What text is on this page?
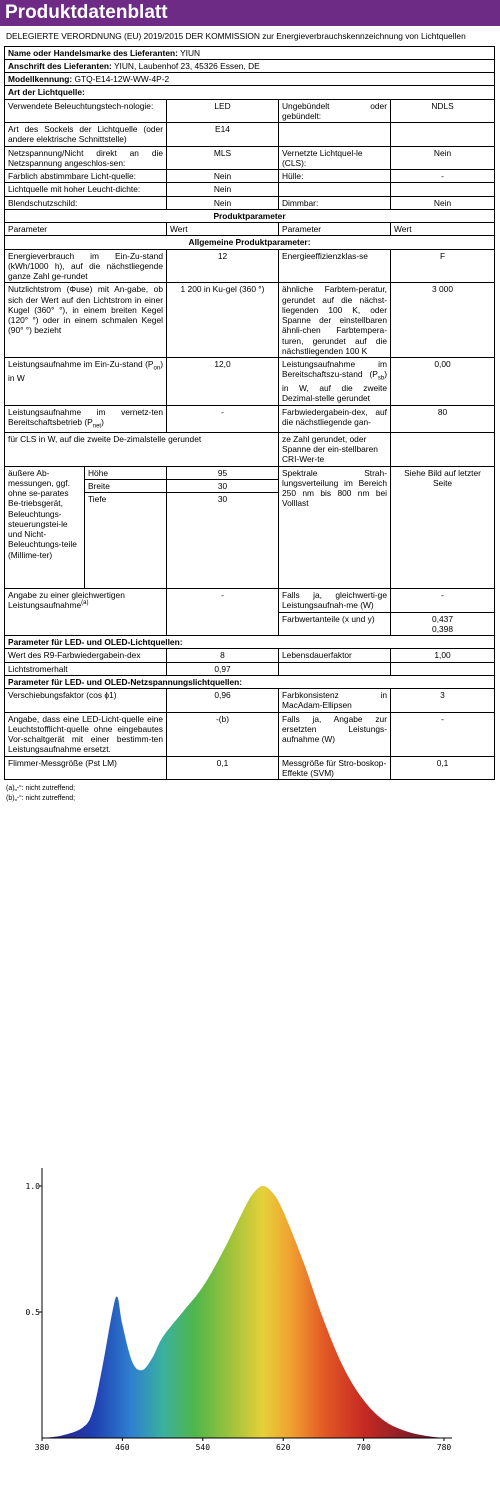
Produktdatenblatt
DELEGIERTE VERORDNUNG (EU) 2019/2015 DER KOMMISSION zur Energieverbrauchskennzeichnung von Lichtquellen
Name oder Handelsmarke des Lieferanten: YIUN				
Anschrift des Lieferanten: YIUN, Laubenhof 23, 45326 Essen, DE				
Modellkennung: GTQ-E14-12W-WW-4P-2				
Art der Lichtquelle:				
Verwendete Beleuchtungstech-nologie:		LED	Ungebündelt oder gebündelt:	NDLS
Art des Sockels der Lichtquelle (oder andere elektrische Schnittstelle)		E14		
Netzspannung/Nicht direkt an die Netzspannung angeschlos-sen:		MLS	Vernetzte Lichtquel-le (CLS):	Nein
Farblich abstimmbare Licht-quelle:		Nein	Hülle:	-
Lichtquelle mit hoher Leucht-dichte:		Nein		
Blendschutzschild:		Nein	Dimmbar:	Nein
Produktparameter				
Parameter		Wert	Parameter	Wert
Allgemeine Produktparameter:				
Energieverbrauch im Ein-Zu-stand (kWh/1000 h), auf die nächstliegende ganze Zahl ge-rundet		12	Energieeffizienzklas-se	F
Nutzlichtstrom (Φuse) mit An-gabe, ob sich der Wert auf den Lichtstrom in einer Kugel (360° °), in einem breiten Kegel (120° °) oder in einem schmalen Kegel (90° °) bezieht		1 200 in Ku-gel (360 °)	ähnliche Farbtem-peratur, gerundet auf die nächst-liegenden 100 K, oder Spanne der einstellbaren ähnli-chen Farbtempera-turen, gerundet auf die nächstliegenden 100 K	3 000
Leistungsaufnahme im Ein-Zu-stand $(P_{on})$ in W		12,0	Leistungsaufnahme im Bereitschaftszu-stand $(P_{sb})$ in W, auf die zweite Dezimal-stelle gerundet	0,00
Leistungsaufnahme im vernetz-ten Bereitschaftsbetrieb $(P_{net})$		-	Farbwiedergabein-dex, auf die nächstliegende gan-	80
für CLS in W, auf die zweite De-zimalstelle gerundet			ze Zahl gerundet, oder Spanne der ein-stellbaren CRI-Wer-te	
äußere Ab-messungen, ggf. ohne se-parates Be-triebsgerät, Beleuchtungs-steuerungstei-le und Nicht-Beleuchtungs-teile (Millime-ter)	Höhe	95	Spektrale Strah-lungsverteilung im Bereich 250 nm bis 800 nm bei Volllast	Siehe Bild auf letzter Seite
	Breite	30		
	Tiefe	30		
Angabe zu einer gleichwertigen Leistungsaufnahme$^{(a)}$		-	Falls ja, gleichwerti-ge Leistungsaufnah-me (W)	-
			Farbwertanteile (x und y)	0,437
0,398

Parameter für LED- und OLED-Lichtquellen:				
Wert des R9-Farbwiedergabein-dex		8	Lebensdauerfaktor	1,00
Lichtstromerhalt		0,97		
Parameter für LED- und OLED-Netzspannungslichtquellen:				
Verschiebungsfaktor (cos ϕ1)		0,96	Farbkonsistenz in MacAdam-Ellipsen	3
Angabe, dass eine LED-Licht-quelle eine Leuchtstofflicht-quelle ohne eingebautes Vor-schaltgerät mit einer bestimm-ten Leistungsaufnahme ersetzt.		-(b)	Falls ja, Angabe zur ersetzten Leistungs-aufnahme (W)	-
Flimmer-Messgröße (Pst LM)		0,1	Messgröße für Stro-boskop-Effekte (SVM)	0,1
(a)„-“: nicht zutreffend;
(b)„-“: nicht zutreffend;
380	460	540	620	700	780
1.0
0.5
